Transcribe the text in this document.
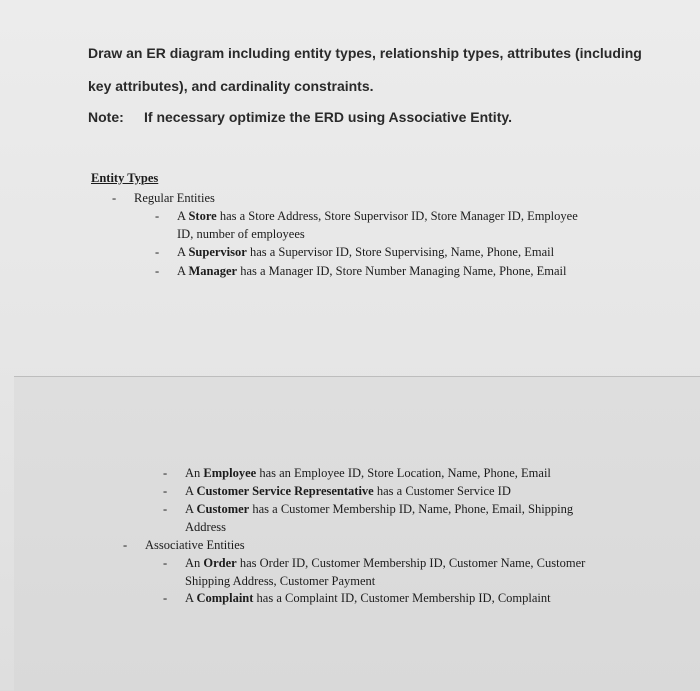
Draw an ER diagram including entity types, relationship types, attributes (including

key attributes), and cardinality constraints.

Note: If necessary optimize the ERD using Associative Entity.

Entity Types
- Regular Entities
- A Store has a Store Address, Store Supervisor ID, Store Manager ID, Employee
ID, number of employees
- A Supervisor has a Supervisor ID, Store Supervising, Name, Phone, Email
- A Manager has a Manager ID, Store Number Managing Name, Phone, Email
- An Employee has an Employee ID, Store Location, Name, Phone, Email
- A Customer Service Representative has a Customer Service ID
- A Customer has a Customer Membership ID, Name, Phone, Email, Shipping
Address
- Associative Entities
- An Order has Order ID, Customer Membership ID, Customer Name, Customer
Shipping Address, Customer Payment
- A Complaint has a Complaint ID, Customer Membership ID, Complaint
